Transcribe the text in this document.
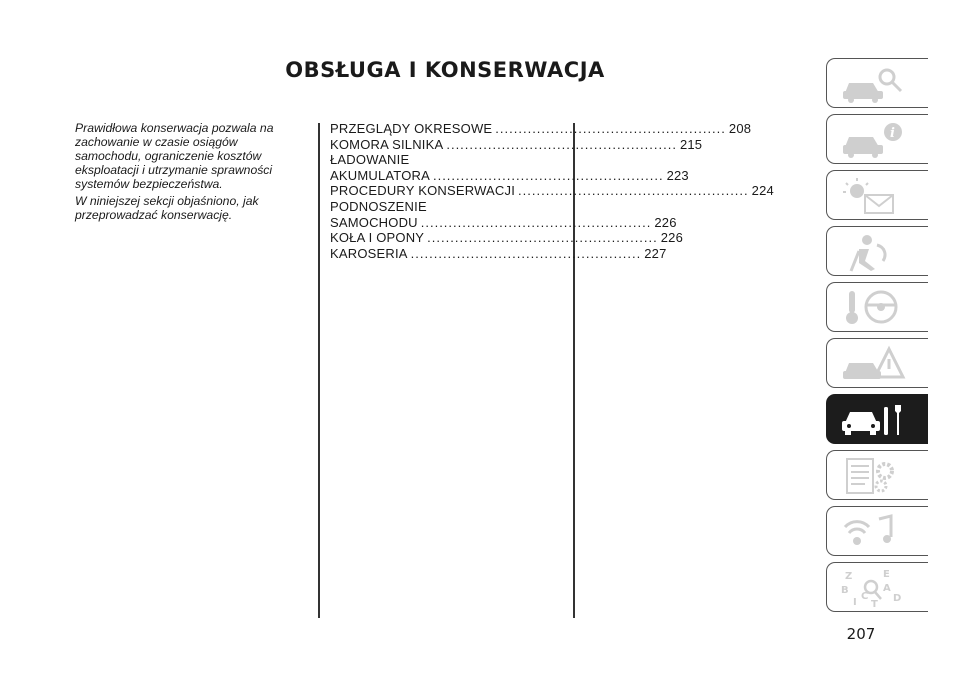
OBSŁUGA I KONSERWACJA

Prawidłowa konserwacja pozwala na zachowanie w czasie osiągów samochodu, ograniczenie kosztów eksploatacji i utrzymanie sprawności systemów bezpieczeństwa.

W niniejszej sekcji objaśniono, jak przeprowadzać konserwację.

PRZEGLĄDY OKRESOWE .................................................. 208
KOMORA SILNIKA .................................................. 215
ŁADOWANIE
AKUMULATORA .................................................. 223
PROCEDURY KONSERWACJI .................................................. 224
PODNOSZENIE
SAMOCHODU .................................................. 226
KOŁA I OPONY .................................................. 226
KAROSERIA .................................................. 227
i
Z	E
B	A
I
C
T
D
207
